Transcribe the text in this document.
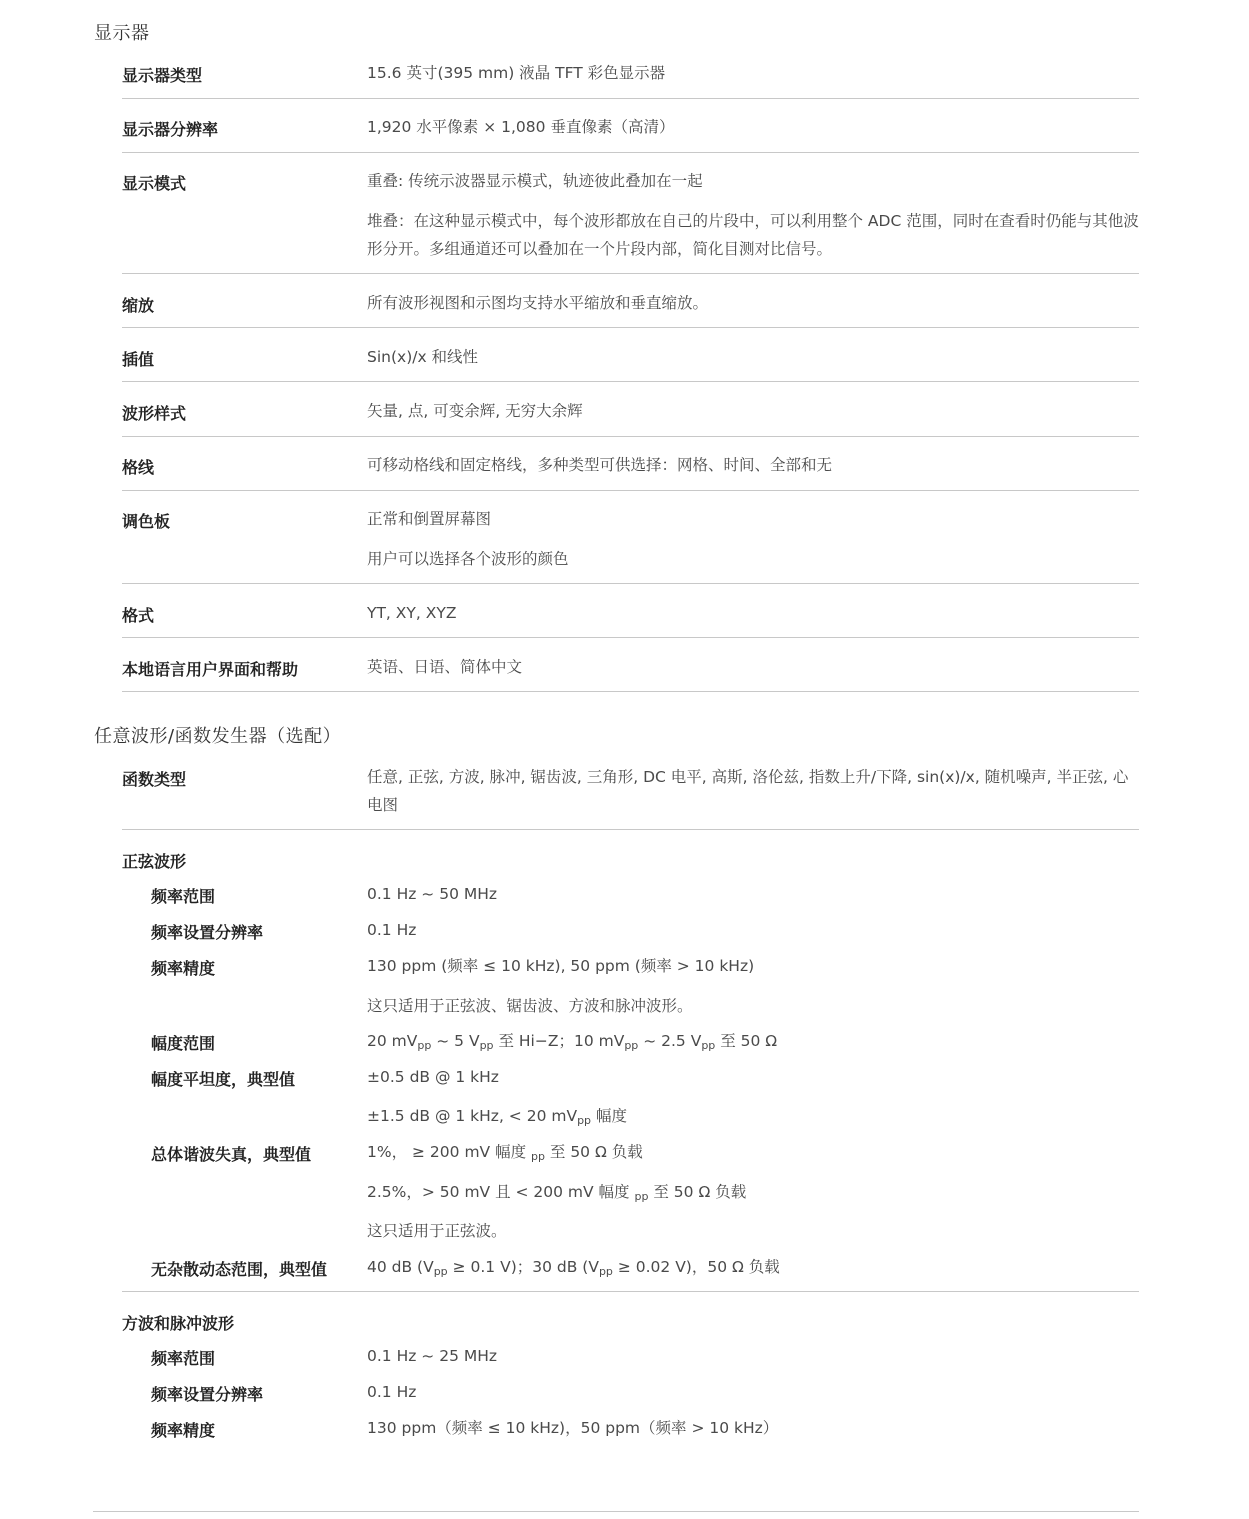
显示器
显示器类型	15.6 英寸(395 mm) 液晶 TFT 彩色显示器
显示器分辨率	1,920 水平像素 × 1,080 垂直像素（高清）
显示模式	重叠: 传统示波器显示模式，轨迹彼此叠加在一起
堆叠：在这种显示模式中，每个波形都放在自己的片段中，可以利用整个 ADC 范围，同时在查看时仍能与其他波形分开。多组通道还可以叠加在一个片段内部，简化目测对比信号。
缩放	所有波形视图和示图均支持水平缩放和垂直缩放。
插值	Sin(x)/x 和线性
波形样式	矢量, 点, 可变余辉, 无穷大余辉
格线	可移动格线和固定格线，多种类型可供选择：网格、时间、全部和无
调色板	正常和倒置屏幕图
用户可以选择各个波形的颜色
格式	YT, XY, XYZ
本地语言用户界面和帮助	英语、日语、简体中文
任意波形/函数发生器（选配）
函数类型	任意, 正弦, 方波, 脉冲, 锯齿波, 三角形, DC 电平, 高斯, 洛伦兹, 指数上升/下降, sin(x)/x, 随机噪声, 半正弦, 心电图
正弦波形
频率范围	0.1 Hz ~ 50 MHz
频率设置分辨率	0.1 Hz
频率精度	130 ppm (频率 ≤ 10 kHz), 50 ppm (频率 > 10 kHz)
这只适用于正弦波、锯齿波、方波和脉冲波形。
幅度范围	20 $mV_{pp}$ ~ 5 $V_{pp}$ 至 Hi−Z；10 $mV_{pp}$ ~ 2.5 $V_{pp}$ 至 50 Ω
幅度平坦度，典型值	±0.5 dB @ 1 kHz
±1.5 dB @ 1 kHz, < 20 $mV_{pp}$ 幅度
总体谐波失真，典型值	1%， ≥ 200 mV 幅度 $_{pp}$ 至 50 Ω 负载
2.5%，> 50 mV 且 < 200 mV 幅度 $_{pp}$ 至 50 Ω 负载
这只适用于正弦波。
无杂散动态范围，典型值	40 dB ($V_{pp} \ge 0.1$ V)；30 dB ($V_{pp} \ge 0.02$ V)，50 Ω 负载
方波和脉冲波形
频率范围	0.1 Hz ~ 25 MHz
频率设置分辨率	0.1 Hz
频率精度	130 ppm（频率 ≤ 10 kHz)，50 ppm（频率 > 10 kHz）
